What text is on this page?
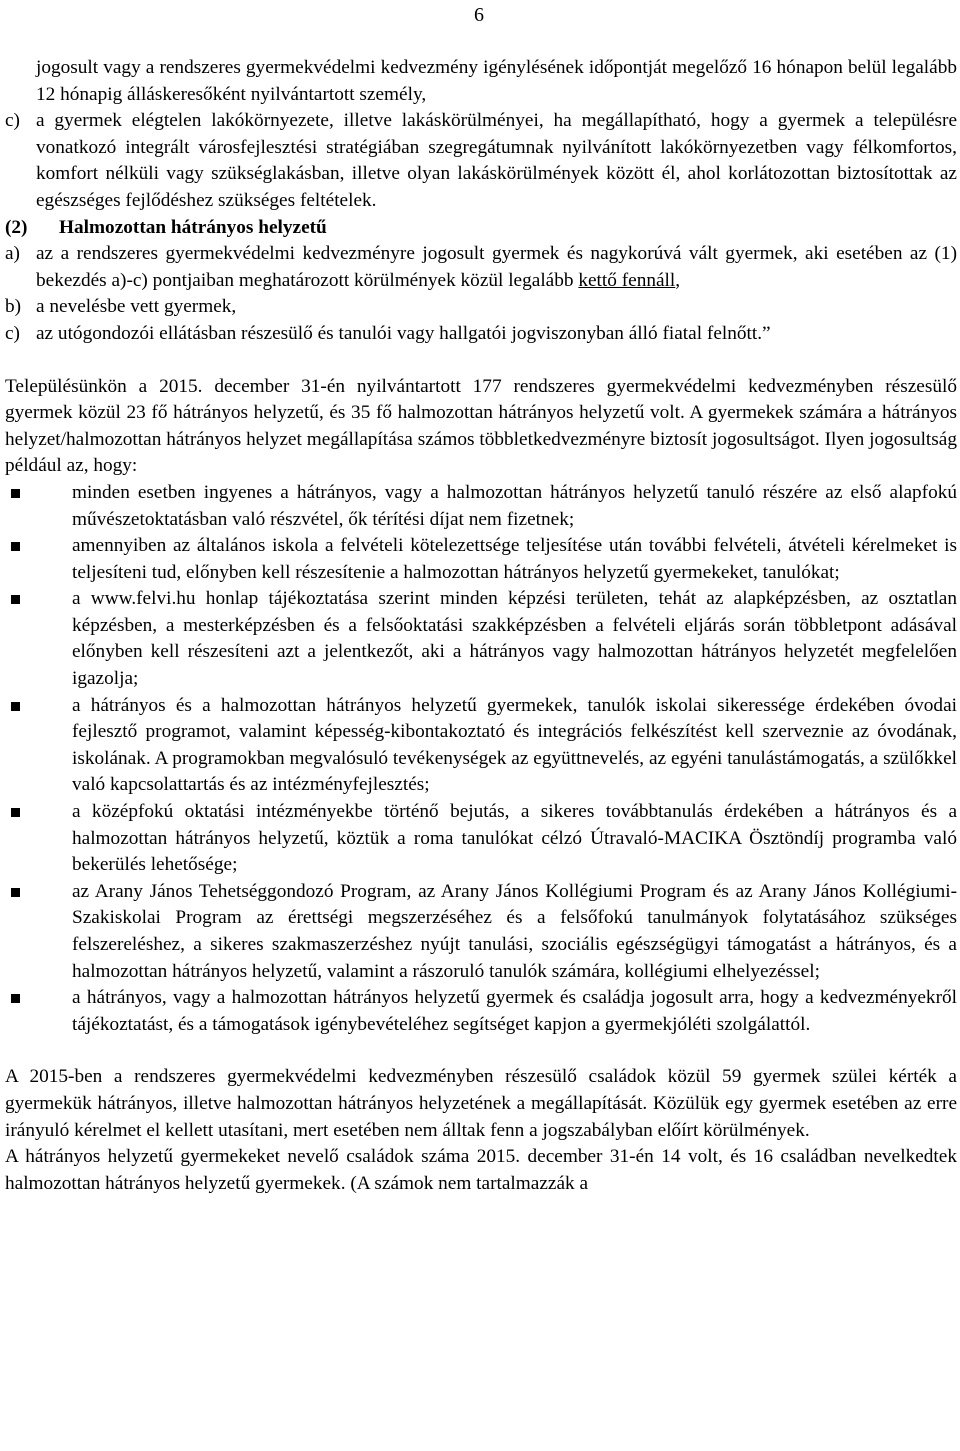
6

jogosult vagy a rendszeres gyermekvédelmi kedvezmény igénylésének időpontját megelőző 16 hónapon belül legalább 12 hónapig álláskeresőként nyilvántartott személy,

c) a gyermek elégtelen lakókörnyezete, illetve lakáskörülményei, ha megállapítható, hogy a gyermek a településre vonatkozó integrált városfejlesztési stratégiában szegregátumnak nyilvánított lakókörnyezetben vagy félkomfortos, komfort nélküli vagy szükséglakásban, illetve olyan lakáskörülmények között él, ahol korlátozottan biztosítottak az egészséges fejlődéshez szükséges feltételek.

(2) Halmozottan hátrányos helyzetű

a) az a rendszeres gyermekvédelmi kedvezményre jogosult gyermek és nagykorúvá vált gyermek, aki esetében az (1) bekezdés a)-c) pontjaiban meghatározott körülmények közül legalább kettő fennáll,

b) a nevelésbe vett gyermek,

c) az utógondozói ellátásban részesülő és tanulói vagy hallgatói jogviszonyban álló fiatal felnőtt.”

Településünkön a 2015. december 31-én nyilvántartott 177 rendszeres gyermekvédelmi kedvezményben részesülő gyermek közül 23 fő hátrányos helyzetű, és 35 fő halmozottan hátrányos helyzetű volt. A gyermekek számára a hátrányos helyzet/halmozottan hátrányos helyzet megállapítása számos többletkedvezményre biztosít jogosultságot. Ilyen jogosultság például az, hogy:

minden esetben ingyenes a hátrányos, vagy a halmozottan hátrányos helyzetű tanuló részére az első alapfokú művészetoktatásban való részvétel, ők térítési díjat nem fizetnek;
amennyiben az általános iskola a felvételi kötelezettsége teljesítése után további felvételi, átvételi kérelmeket is teljesíteni tud, előnyben kell részesítenie a halmozottan hátrányos helyzetű gyermekeket, tanulókat;
a www.felvi.hu honlap tájékoztatása szerint minden képzési területen, tehát az alapképzésben, az osztatlan képzésben, a mesterképzésben és a felsőoktatási szakképzésben a felvételi eljárás során többletpont adásával előnyben kell részesíteni azt a jelentkezőt, aki a hátrányos vagy halmozottan hátrányos helyzetét megfelelően igazolja;
a hátrányos és a halmozottan hátrányos helyzetű gyermekek, tanulók iskolai sikeressége érdekében óvodai fejlesztő programot, valamint képesség-kibontakoztató és integrációs felkészítést kell szerveznie az óvodának, iskolának. A programokban megvalósuló tevékenységek az együttnevelés, az egyéni tanulástámogatás, a szülőkkel való kapcsolattartás és az intézményfejlesztés;
a középfokú oktatási intézményekbe történő bejutás, a sikeres továbbtanulás érdekében a hátrányos és a halmozottan hátrányos helyzetű, köztük a roma tanulókat célzó Útravaló-MACIKA Ösztöndíj programba való bekerülés lehetősége;
az Arany János Tehetséggondozó Program, az Arany János Kollégiumi Program és az Arany János Kollégiumi-Szakiskolai Program az érettségi megszerzéséhez és a felsőfokú tanulmányok folytatásához szükséges felszereléshez, a sikeres szakmaszerzéshez nyújt tanulási, szociális egészségügyi támogatást a hátrányos, és a halmozottan hátrányos helyzetű, valamint a rászoruló tanulók számára, kollégiumi elhelyezéssel;
a hátrányos, vagy a halmozottan hátrányos helyzetű gyermek és családja jogosult arra, hogy a kedvezményekről tájékoztatást, és a támogatások igénybevételéhez segítséget kapjon a gyermekjóléti szolgálattól.

A 2015-ben a rendszeres gyermekvédelmi kedvezményben részesülő családok közül 59 gyermek szülei kérték a gyermekük hátrányos, illetve halmozottan hátrányos helyzetének a megállapítását. Közülük egy gyermek esetében az erre irányuló kérelmet el kellett utasítani, mert esetében nem álltak fenn a jogszabályban előírt körülmények.

A hátrányos helyzetű gyermekeket nevelő családok száma 2015. december 31-én 14 volt, és 16 családban nevelkedtek halmozottan hátrányos helyzetű gyermekek. (A számok nem tartalmazzák a
